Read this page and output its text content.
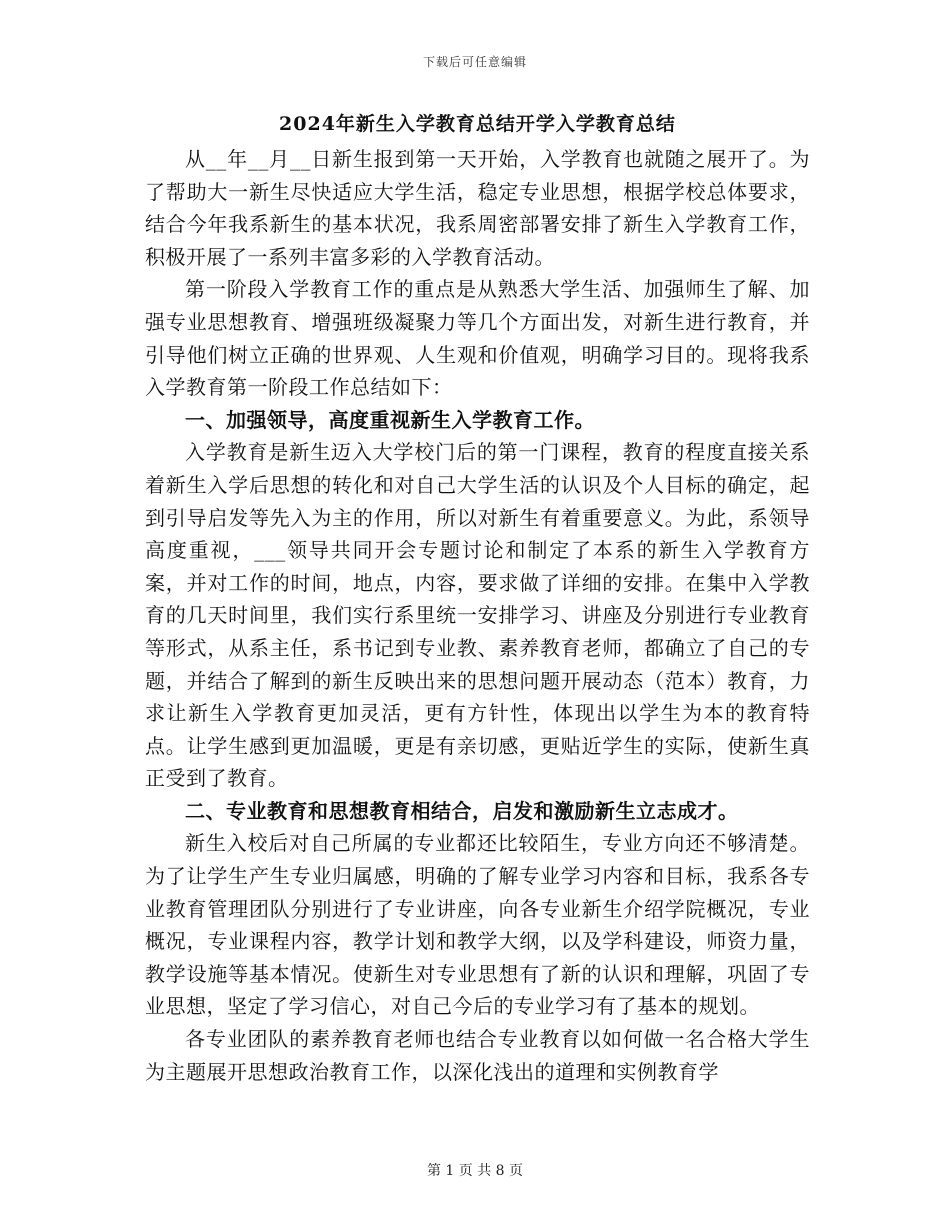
下载后可任意编辑
2024年新生入学教育总结开学入学教育总结

从__年__月__日新生报到第一天开始，入学教育也就随之展开了。为了帮助大一新生尽快适应大学生活，稳定专业思想，根据学校总体要求，结合今年我系新生的基本状况，我系周密部署安排了新生入学教育工作，积极开展了一系列丰富多彩的入学教育活动。

第一阶段入学教育工作的重点是从熟悉大学生活、加强师生了解、加强专业思想教育、增强班级凝聚力等几个方面出发，对新生进行教育，并引导他们树立正确的世界观、人生观和价值观，明确学习目的。现将我系入学教育第一阶段工作总结如下：

一、加强领导，高度重视新生入学教育工作。

入学教育是新生迈入大学校门后的第一门课程，教育的程度直接关系着新生入学后思想的转化和对自己大学生活的认识及个人目标的确定，起到引导启发等先入为主的作用，所以对新生有着重要意义。为此，系领导高度重视，___领导共同开会专题讨论和制定了本系的新生入学教育方案，并对工作的时间，地点，内容，要求做了详细的安排。在集中入学教育的几天时间里，我们实行系里统一安排学习、讲座及分别进行专业教育等形式，从系主任，系书记到专业教、素养教育老师，都确立了自己的专题，并结合了解到的新生反映出来的思想问题开展动态（范本）教育，力求让新生入学教育更加灵活，更有方针性，体现出以学生为本的教育特点。让学生感到更加温暖，更是有亲切感，更贴近学生的实际，使新生真正受到了教育。

二、专业教育和思想教育相结合，启发和激励新生立志成才。

新生入校后对自己所属的专业都还比较陌生，专业方向还不够清楚。为了让学生产生专业归属感，明确的了解专业学习内容和目标，我系各专业教育管理团队分别进行了专业讲座，向各专业新生介绍学院概况，专业概况，专业课程内容，教学计划和教学大纲，以及学科建设，师资力量，教学设施等基本情况。使新生对专业思想有了新的认识和理解，巩固了专业思想，坚定了学习信心，对自己今后的专业学习有了基本的规划。

各专业团队的素养教育老师也结合专业教育以如何做一名合格大学生为主题展开思想政治教育工作，以深化浅出的道理和实例教育学

第 1 页 共 8 页
